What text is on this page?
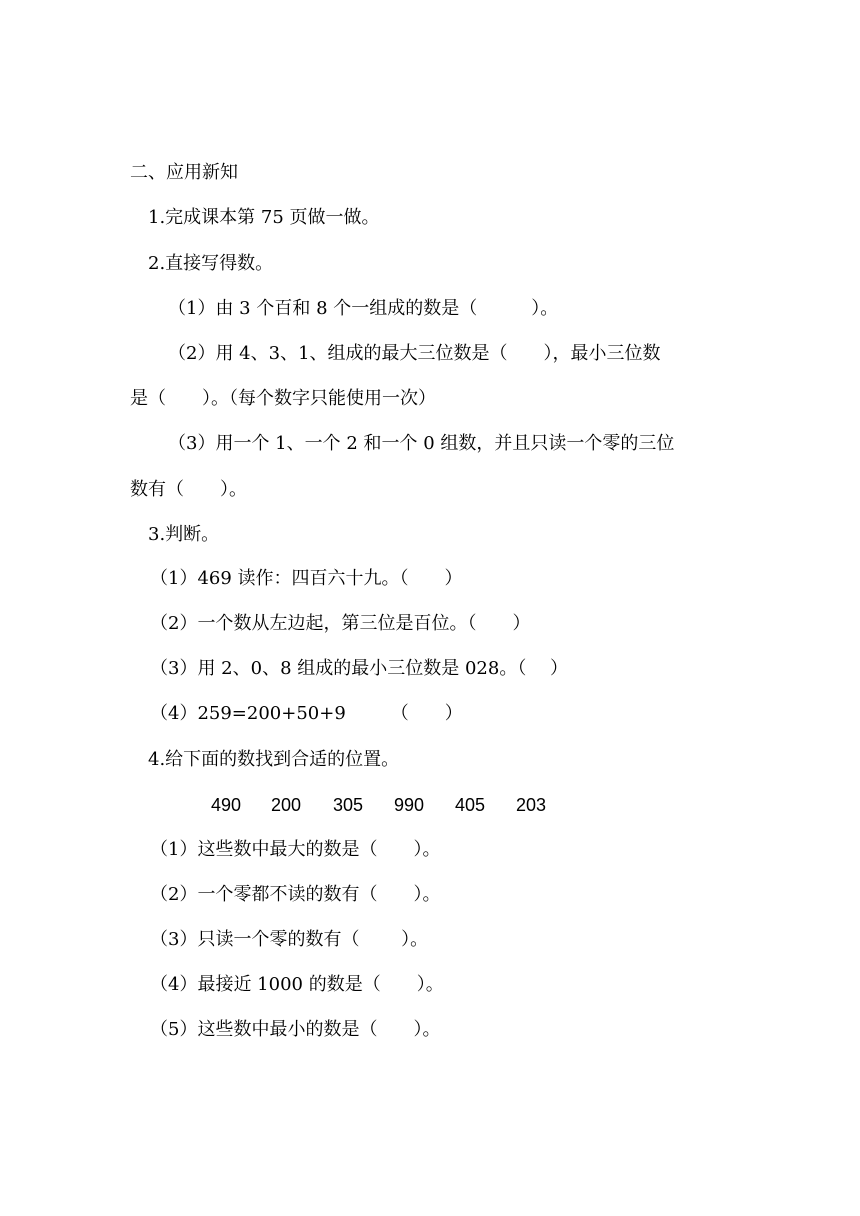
二、应用新知
1.完成课本第 75 页做一做。
2.直接写得数。
（1）由 3 个百和 8 个一组成的数是（　　　）。
（2）用 4、3、1、组成的最大三位数是（　　），最小三位数
是（　　）。（每个数字只能使用一次）
（3）用一个 1、一个 2 和一个 0 组数，并且只读一个零的三位
数有（　　）。
3.判断。
（1）469 读作：四百六十九。（　　）
（2）一个数从左边起，第三位是百位。（　　）
（3）用 2、0、8 组成的最小三位数是 028。（　 ）
（4）259=200+50+9　　　（　　）
4.给下面的数找到合适的位置。
490 200 305 990 405 203
（1）这些数中最大的数是（　　）。
（2）一个零都不读的数有（　　）。
（3）只读一个零的数有（　　 ）。
（4）最接近 1000 的数是（　　）。
（5）这些数中最小的数是（　　）。
